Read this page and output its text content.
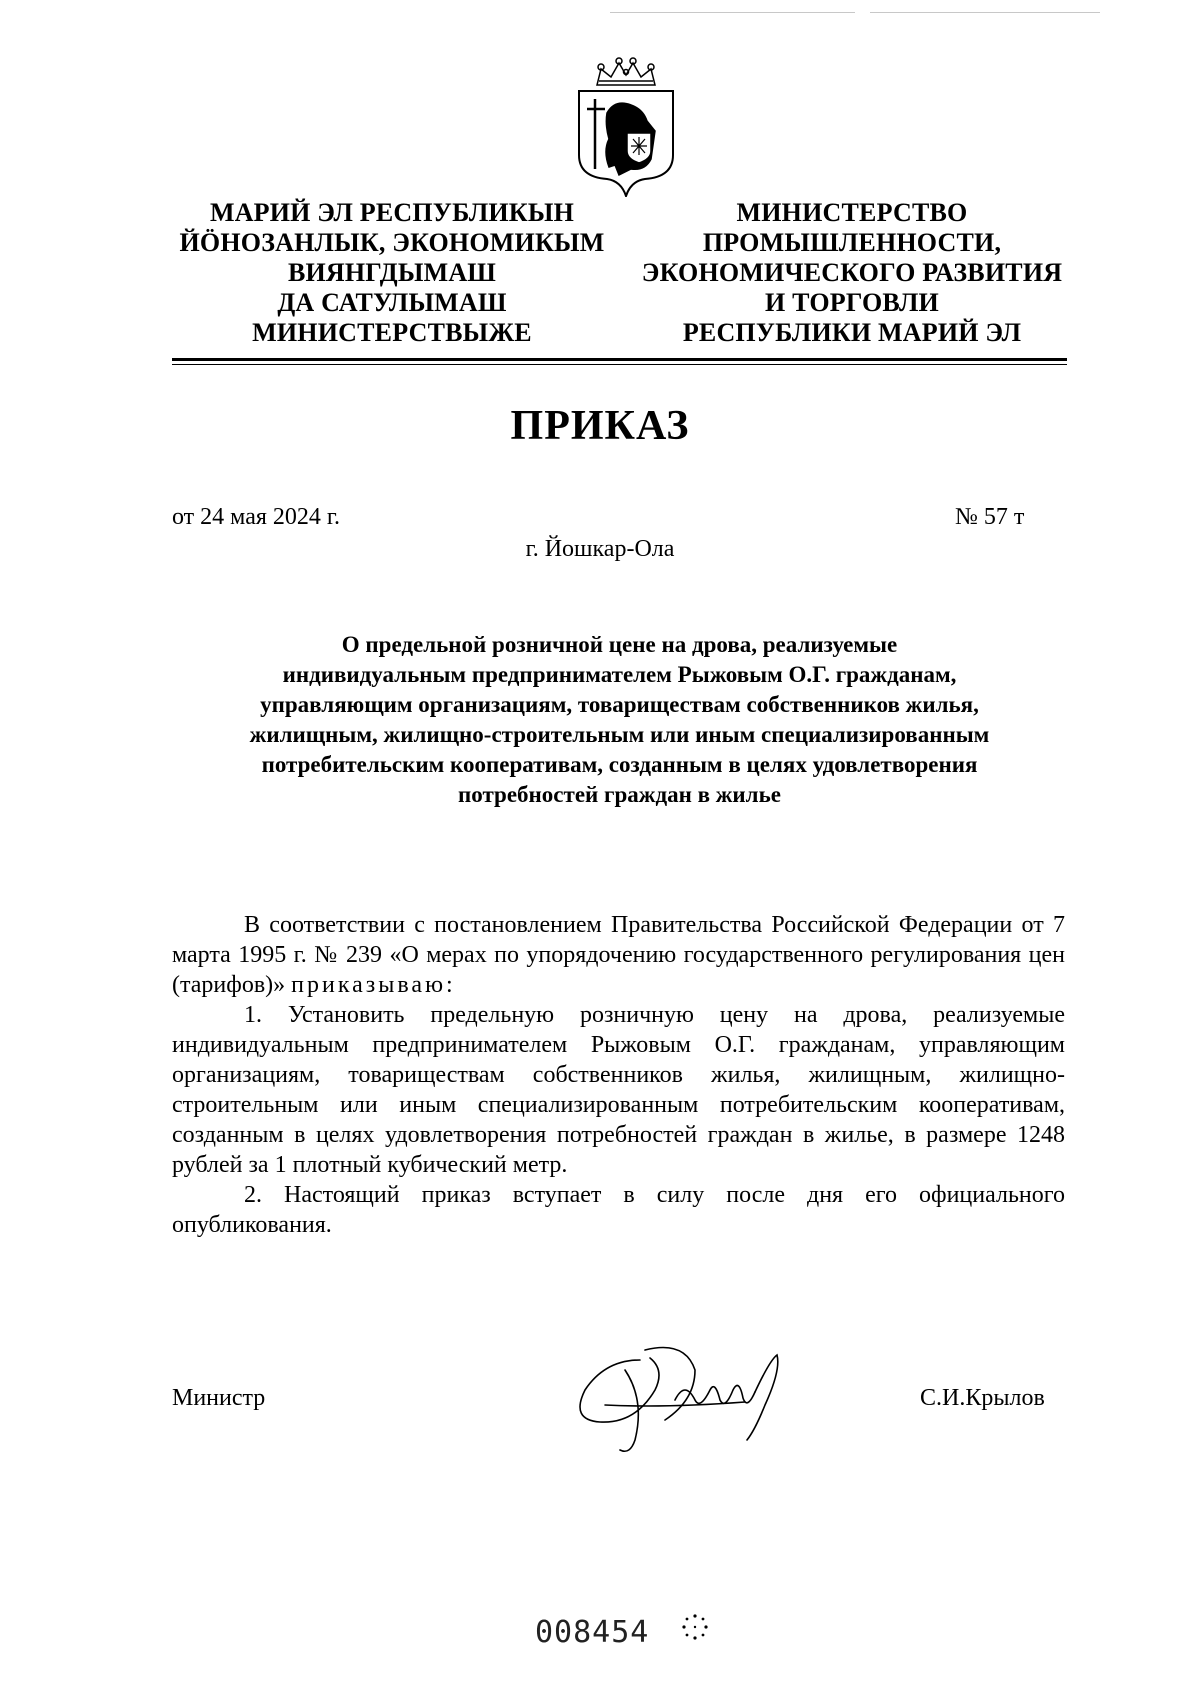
МАРИЙ ЭЛ РЕСПУБЛИКЫН
ЙӦНОЗАНЛЫК, ЭКОНОМИКЫМ
ВИЯНГДЫМАШ
ДА САТУЛЫМАШ
МИНИСТЕРСТВЫЖЕ
МИНИСТЕРСТВО
ПРОМЫШЛЕННОСТИ,
ЭКОНОМИЧЕСКОГО РАЗВИТИЯ
И ТОРГОВЛИ
РЕСПУБЛИКИ МАРИЙ ЭЛ
ПРИКАЗ
от 24 мая 2024 г.	№ 57 т
г. Йошкар-Ола
О предельной розничной цене на дрова, реализуемые
индивидуальным предпринимателем Рыжовым О.Г. гражданам,
управляющим организациям, товариществам собственников жилья,
жилищным, жилищно-строительным или иным специализированным
потребительским кооперативам, созданным в целях удовлетворения
потребностей граждан в жилье

В соответствии с постановлением Правительства Российской Федерации от 7 марта 1995 г. № 239 «О мерах по упорядочению государственного регулирования цен (тарифов)» приказываю:

1. Установить предельную розничную цену на дрова, реализуемые индивидуальным предпринимателем Рыжовым О.Г. гражданам, управляющим организациям, товариществам собственников жилья, жилищным, жилищно-строительным или иным специализированным потребительским кооперативам, созданным в целях удовлетворения потребностей граждан в жилье, в размере 1248 рублей за 1 плотный кубический метр.

2. Настоящий приказ вступает в силу после дня его официального опубликования.

Министр	С.И.Крылов
008454
